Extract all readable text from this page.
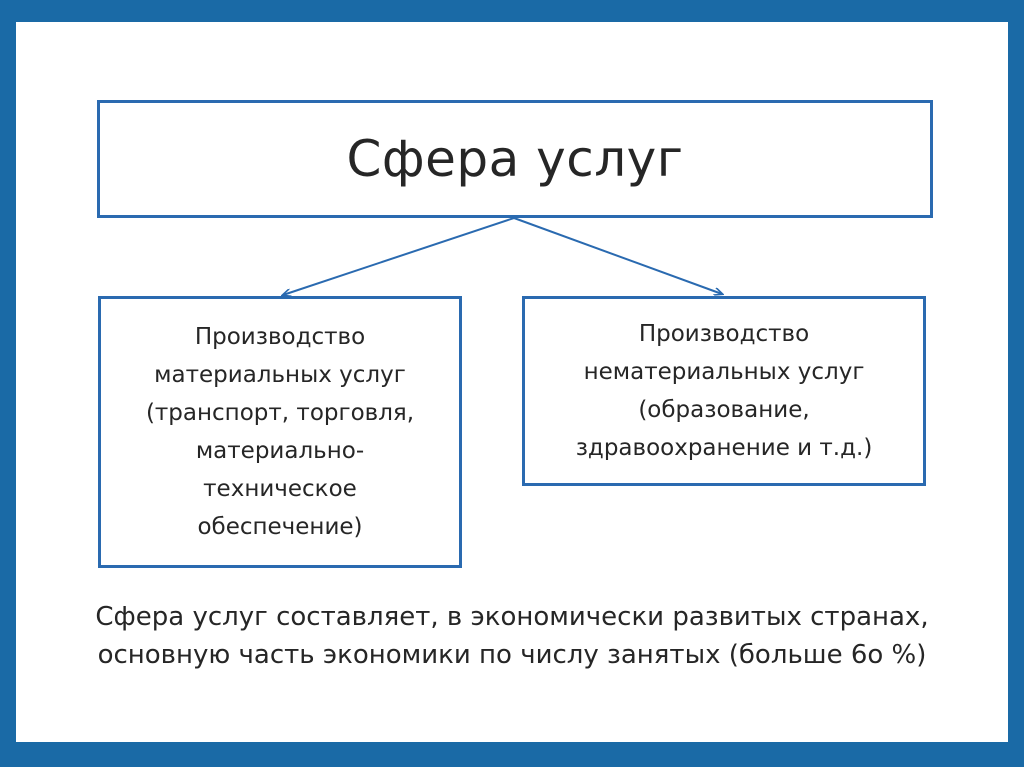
Сфера услуг
Производство
материальных услуг
(транспорт, торговля,
материально-
техническое
обеспечение)
Производство
нематериальных услуг
(образование,
здравоохранение и т.д.)
Сфера услуг составляет, в экономически развитых странах,
основную часть экономики по числу занятых (больше 6о %)
